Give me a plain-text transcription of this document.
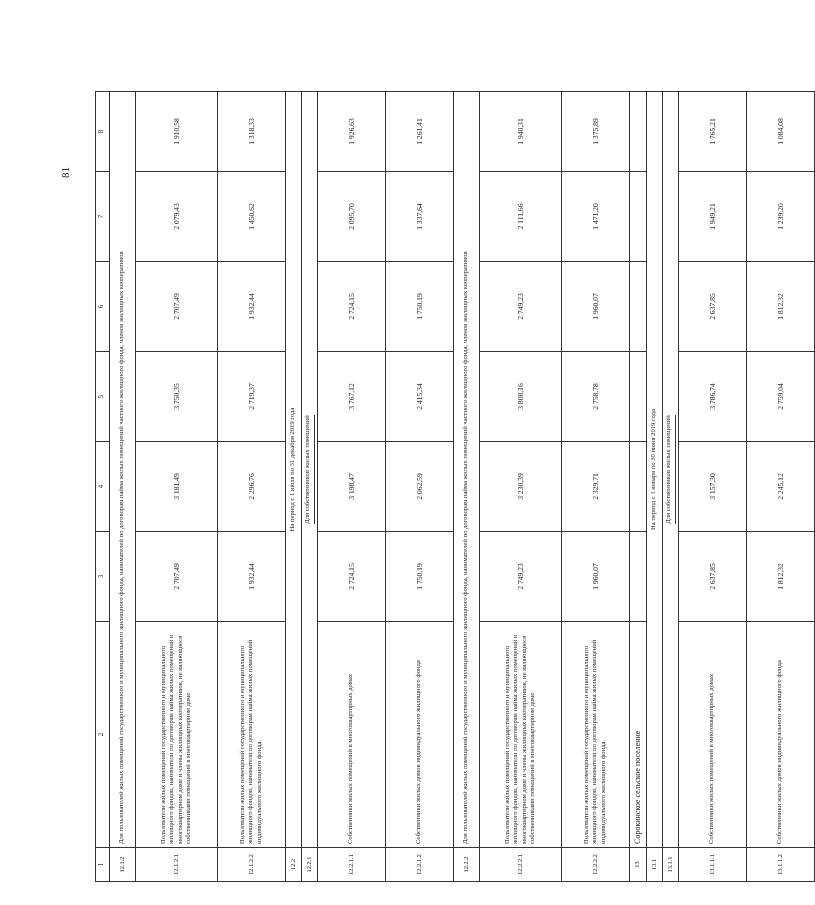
81
1	2	3	4	5	6	7	8
12.1.2	Для пользователей жилых помещений государственного и муниципального жилищного фонда, нанимателей по договорам найма жилых помещений частного жилищного фонда, членов жилищных кооперативов						
12.1.2.1	Пользователи жилых помещений государственного и муниципального жилищного фондов, наниматели по договорам найма жилых помещений в многоквартирном доме и члены жилищных кооперативов, не являющиеся собственниками помещений в многоквартирном доме	2 707,49	3 181,49	3 750,35	2 707,49	2 079,43	1 910,58
12.1.2.2	Пользователи жилых помещений государственного и муниципального жилищного фондов, наниматели по договорам найма жилых помещений индивидуального жилищного фонда	1 932,44	2 296,76	2 719,37	1 932,44	1 450,62	1 318,33
12.2	На период с 1 июля по 31 декабря 2019 года						
12.2.1	Для собственников жилых помещений						
12.2.1.1	Собственники жилых помещений в многоквартирных домах	2 724,15	3 198,47	3 767,12	2 724,15	2 095,70	1 926,63
12.2.1.2	Собственники жилых домов индивидуального жилищного фонда	1 750,19	2 062,59	2 415,34	1 750,19	1 337,64	1 261,41
12.2.2	Для пользователей жилых помещений государственного и муниципального жилищного фонда, нанимателей по договорам найма жилых помещений частного жилищного фонда, членов жилищных кооперативов						
12.2.2.1	Пользователи жилых помещений государственного и муниципального жилищного фондов, наниматели по договорам найма жилых помещений в многоквартирном доме и члены жилищных кооперативов, не являющиеся собственниками помещений в многоквартирном доме	2 749,23	3 230,39	3 808,16	2 749,23	2 111,66	1 940,31
12.2.2.2	Пользователи жилых помещений государственного и муниципального жилищного фондов, наниматели по договорам найма жилых помещений индивидуального жилищного фонда	1 960,07	2 329,71	2 758,78	1 960,07	1 471,20	1 375,89
13	Сорокинское сельское поселение						
13.1	На период с 1 января по 30 июня 2019 года						
13.1.1	Для собственников жилых помещений						
13.1.1.1	Собственники жилых помещений в многоквартирных домах	2 637,85	3 157,30	3 786,74	2 637,85	1 949,21	1 765,21
13.1.1.2	Собственники жилых домов индивидуального жилищного фонда	1 812,32	2 245,12	2 759,04	1 812,32	1 239,20	1 084,08
